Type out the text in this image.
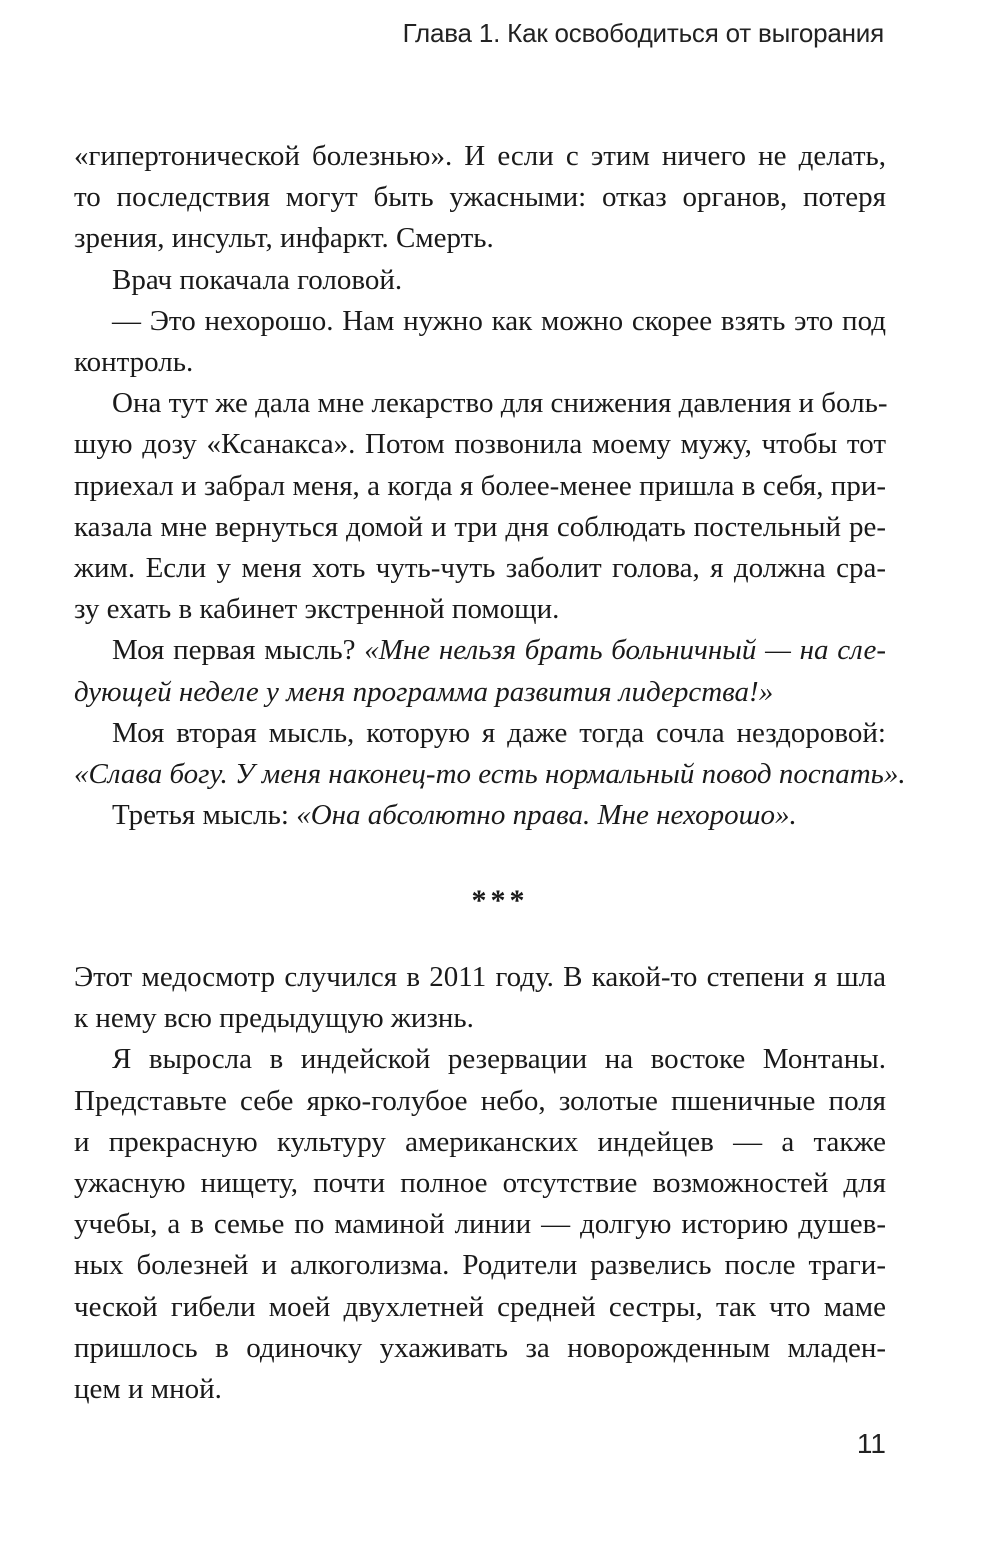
Глава 1. Как освободиться от выгорания
«гипертонической болезнью». И если с этим ничего не делать,
то последствия могут быть ужасными: отказ органов, потеря
зрения, инсульт, инфаркт. Смерть.
Врач покачала головой.
— Это нехорошо. Нам нужно как можно скорее взять это под
контроль.
Она тут же дала мне лекарство для снижения давления и боль-
шую дозу «Ксанакса». Потом позвонила моему мужу, чтобы тот
приехал и забрал меня, а когда я более-менее пришла в себя, при-
казала мне вернуться домой и три дня соблюдать постельный ре-
жим. Если у меня хоть чуть-чуть заболит голова, я должна сра-
зу ехать в кабинет экстренной помощи.
Моя первая мысль? «Мне нельзя брать больничный — на сле-
дующей неделе у меня программа развития лидерства!»
Моя вторая мысль, которую я даже тогда сочла нездоровой:
«Слава богу. У меня наконец-то есть нормальный повод поспать».
Третья мысль: «Она абсолютно права. Мне нехорошо».
***
Этот медосмотр случился в 2011 году. В какой-то степени я шла
к нему всю предыдущую жизнь.
Я выросла в индейской резервации на востоке Монтаны.
Представьте себе ярко-голубое небо, золотые пшеничные поля
и прекрасную культуру американских индейцев — а также
ужасную нищету, почти полное отсутствие возможностей для
учебы, а в семье по маминой линии — долгую историю душев-
ных болезней и алкоголизма. Родители развелись после траги-
ческой гибели моей двухлетней средней сестры, так что маме
пришлось в одиночку ухаживать за новорожденным младен-
цем и мной.
11
